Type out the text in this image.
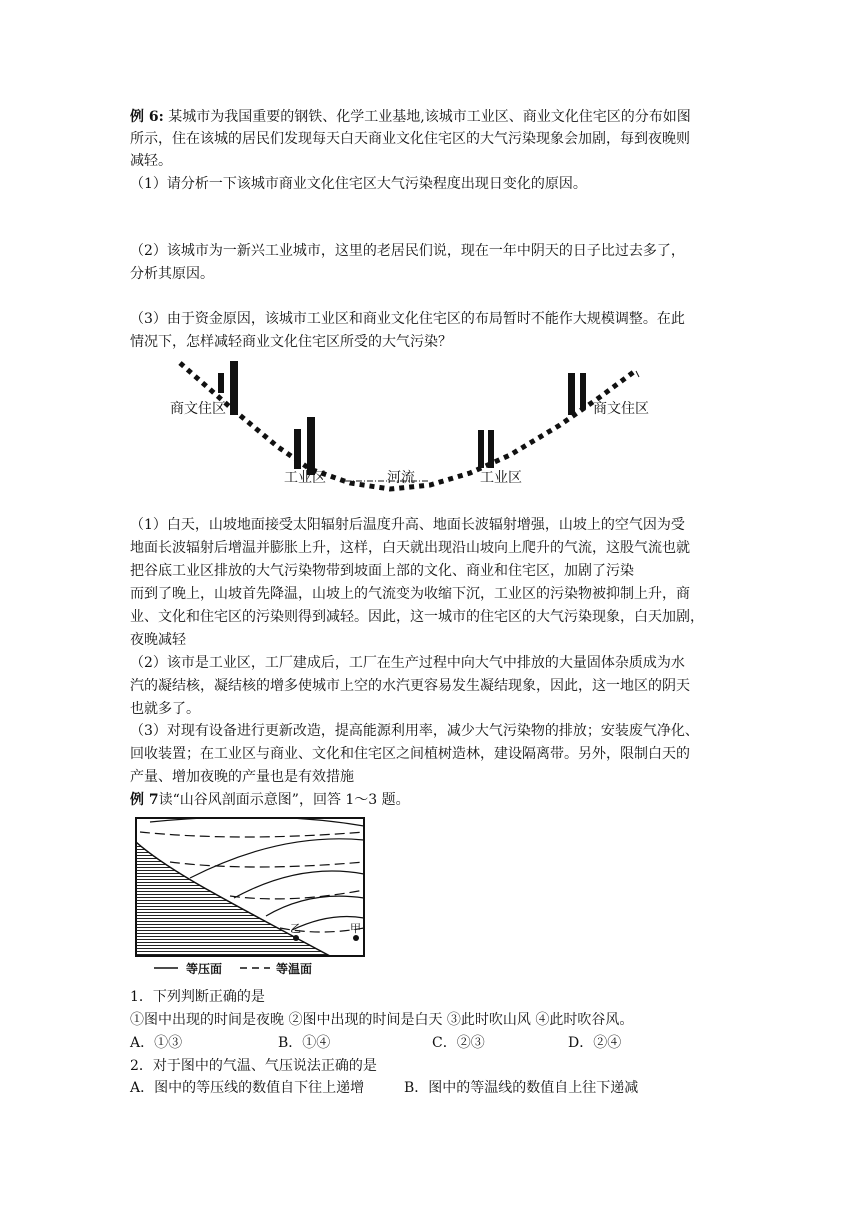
例 6: 某城市为我国重要的钢铁、化学工业基地,该城市工业区、商业文化住宅区的分布如图
所示，住在该城的居民们发现每天白天商业文化住宅区的大气污染现象会加剧，每到夜晚则
减轻。
（1）请分析一下该城市商业文化住宅区大气污染程度出现日变化的原因。
（2）该城市为一新兴工业城市，这里的老居民们说，现在一年中阴天的日子比过去多了，
分析其原因。
（3）由于资金原因，该城市工业区和商业文化住宅区的布局暂时不能作大规模调整。在此
情况下，怎样减轻商业文化住宅区所受的大气污染？
商文住区	商文住区
工业区	河流	工业区
（1）白天，山坡地面接受太阳辐射后温度升高、地面长波辐射增强，山坡上的空气因为受
地面长波辐射后增温并膨胀上升，这样，白天就出现沿山坡向上爬升的气流，这股气流也就
把谷底工业区排放的大气污染物带到坡面上部的文化、商业和住宅区，加剧了污染
而到了晚上，山坡首先降温，山坡上的气流变为收缩下沉，工业区的污染物被抑制上升，商
业、文化和住宅区的污染则得到减轻。因此，这一城市的住宅区的大气污染现象，白天加剧，
夜晚减轻
（2）该市是工业区，工厂建成后，工厂在生产过程中向大气中排放的大量固体杂质成为水
汽的凝结核，凝结核的增多使城市上空的水汽更容易发生凝结现象，因此，这一地区的阴天
也就多了。
（3）对现有设备进行更新改造，提高能源利用率，减少大气污染物的排放；安装废气净化、
回收装置；在工业区与商业、文化和住宅区之间植树造林，建设隔离带。另外，限制白天的
产量、增加夜晚的产量也是有效措施
例 7读“山谷风剖面示意图”，回答 1～3 题。
乙	甲
等压面	等温面
1．下列判断正确的是
①图中出现的时间是夜晚 ②图中出现的时间是白天 ③此时吹山风 ④此时吹谷风。
A．①③	B．①④	C．②③	D．②④
2．对于图中的气温、气压说法正确的是
A．图中的等压线的数值自下往上递增	B．图中的等温线的数值自上往下递减
